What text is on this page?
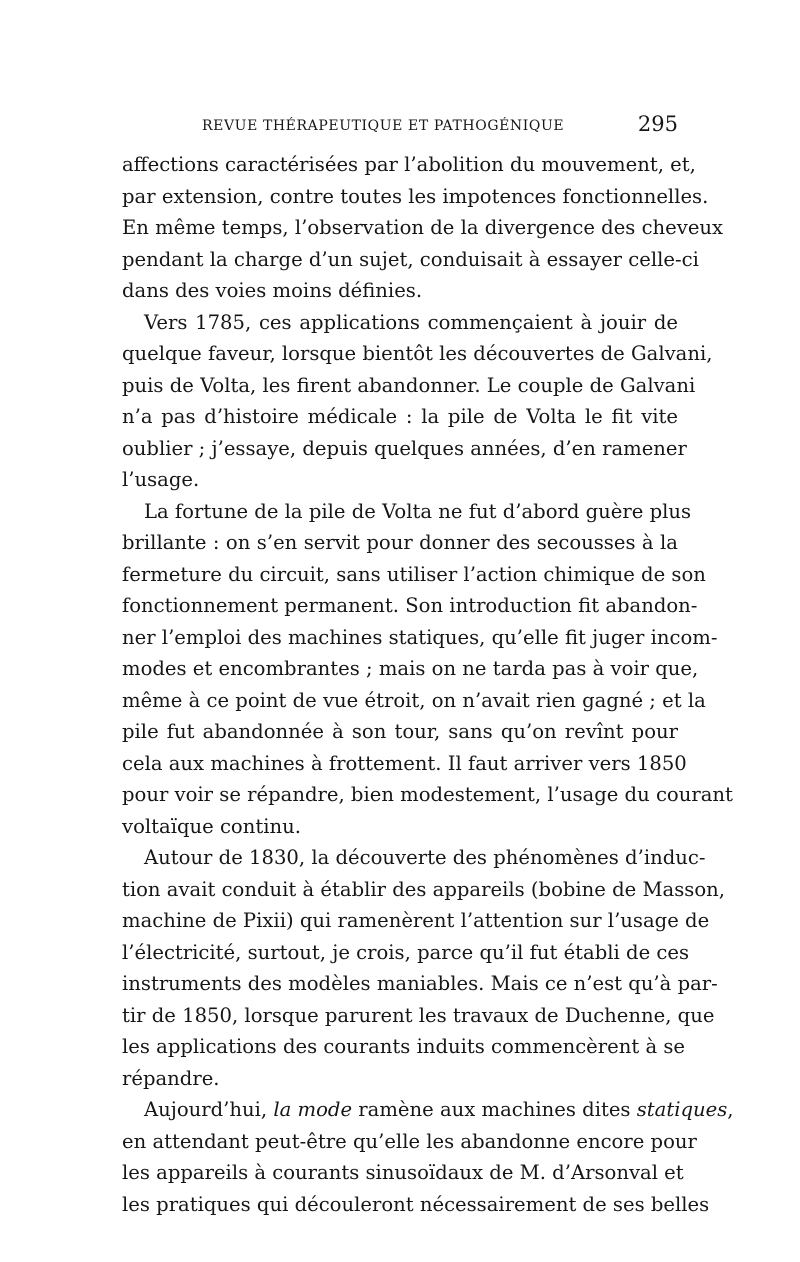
REVUE THÉRAPEUTIQUE ET PATHOGÉNIQUE	295
affections caractérisées par l’abolition du mouvement, et,
par extension, contre toutes les impotences fonctionnelles.
En même temps, l’observation de la divergence des cheveux
pendant la charge d’un sujet, conduisait à essayer celle-ci
dans des voies moins définies.
Vers 1785, ces applications commençaient à jouir de
quelque faveur, lorsque bientôt les découvertes de Galvani,
puis de Volta, les firent abandonner. Le couple de Galvani
n’a pas d’histoire médicale : la pile de Volta le fit vite
oublier ; j’essaye, depuis quelques années, d’en ramener
l’usage.
La fortune de la pile de Volta ne fut d’abord guère plus
brillante : on s’en servit pour donner des secousses à la
fermeture du circuit, sans utiliser l’action chimique de son
fonctionnement permanent. Son introduction fit abandon-
ner l’emploi des machines statiques, qu’elle fit juger incom-
modes et encombrantes ; mais on ne tarda pas à voir que,
même à ce point de vue étroit, on n’avait rien gagné ; et la
pile fut abandonnée à son tour, sans qu’on revînt pour
cela aux machines à frottement. Il faut arriver vers 1850
pour voir se répandre, bien modestement, l’usage du courant
voltaïque continu.
Autour de 1830, la découverte des phénomènes d’induc-
tion avait conduit à établir des appareils (bobine de Masson,
machine de Pixii) qui ramenèrent l’attention sur l’usage de
l’électricité, surtout, je crois, parce qu’il fut établi de ces
instruments des modèles maniables. Mais ce n’est qu’à par-
tir de 1850, lorsque parurent les travaux de Duchenne, que
les applications des courants induits commencèrent à se
répandre.
Aujourd’hui, la mode ramène aux machines dites statiques,
en attendant peut-être qu’elle les abandonne encore pour
les appareils à courants sinusoïdaux de M. d’Arsonval et
les pratiques qui découleront nécessairement de ses belles
